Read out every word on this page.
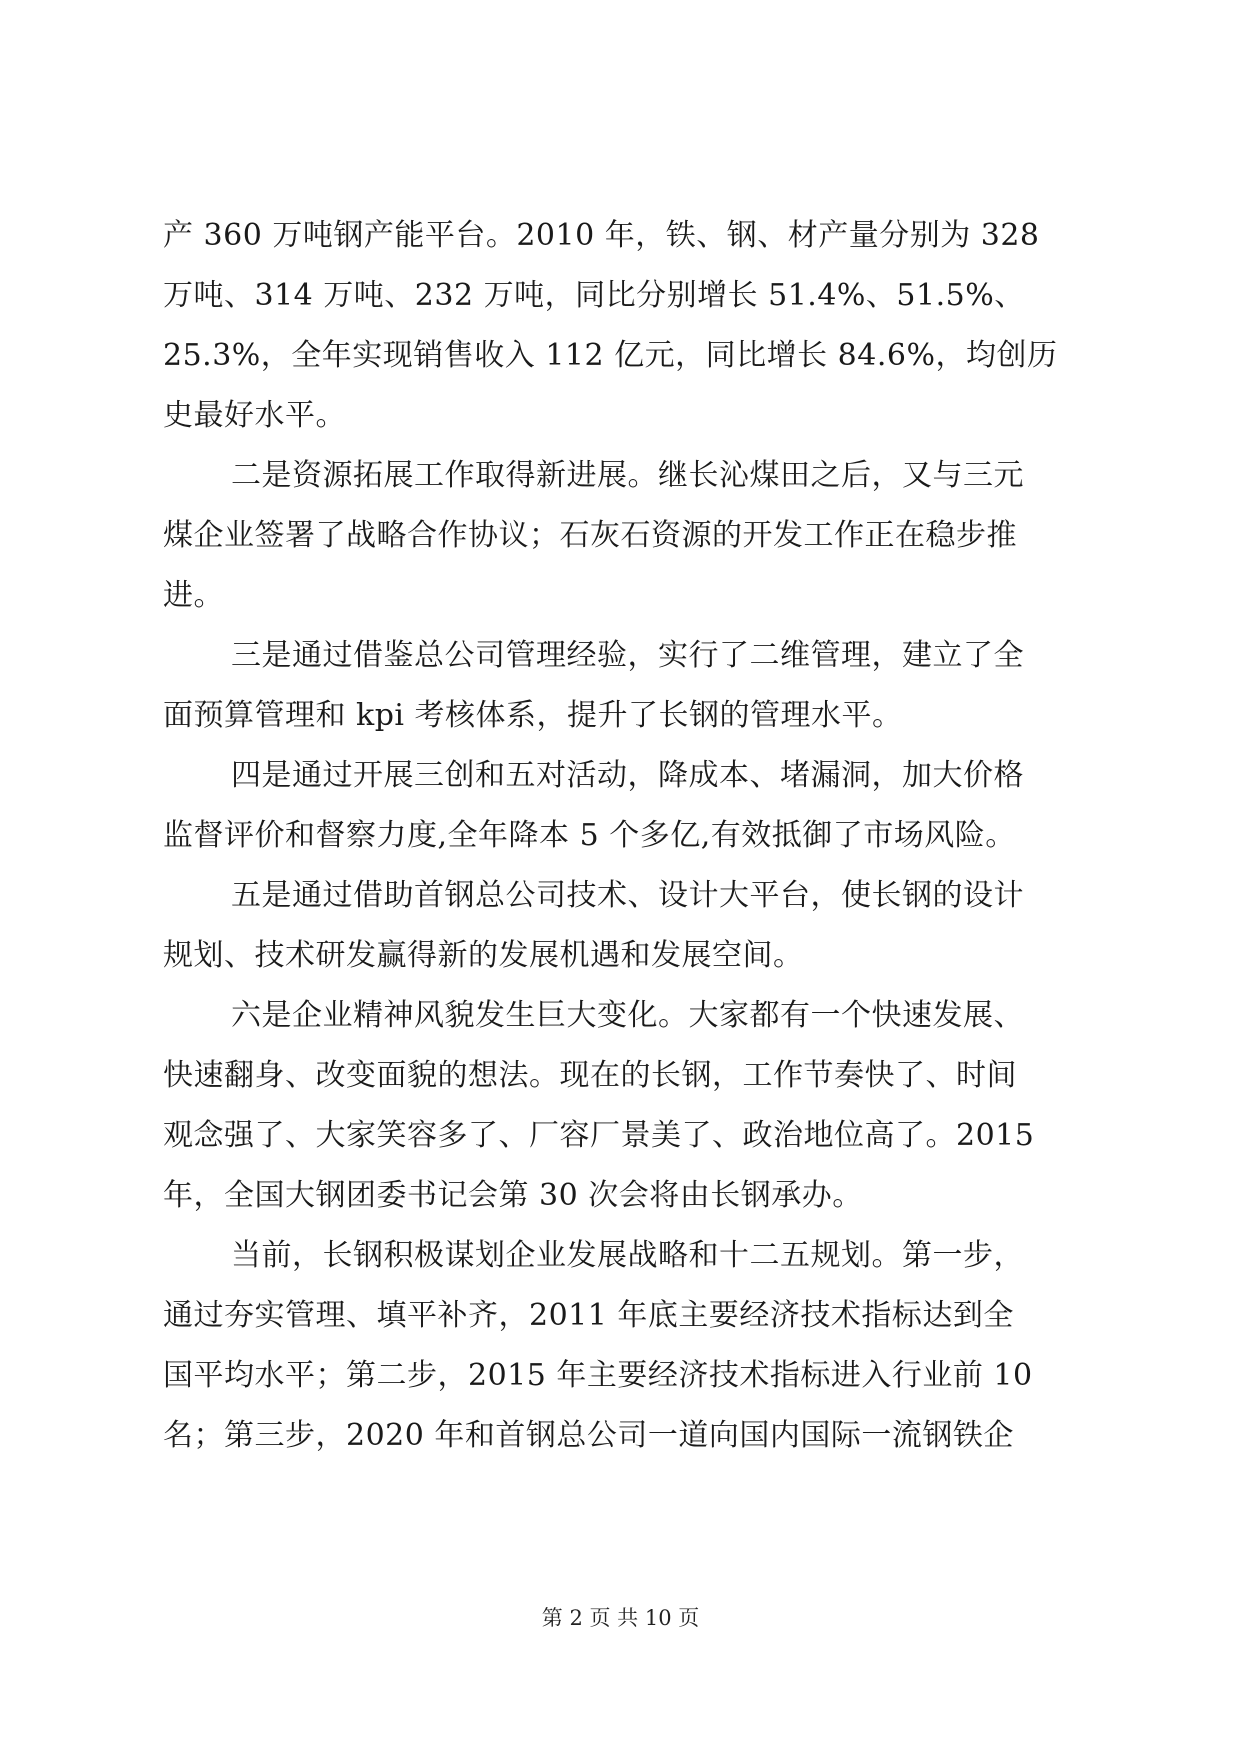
产 360 万吨钢产能平台。2010 年，铁、钢、材产量分别为 328
万吨、314 万吨、232 万吨，同比分别增长 51.4%、51.5%、
25.3%，全年实现销售收入 112 亿元，同比增长 84.6%，均创历
史最好水平。
二是资源拓展工作取得新进展。继长沁煤田之后，又与三元
煤企业签署了战略合作协议；石灰石资源的开发工作正在稳步推
进。
三是通过借鉴总公司管理经验，实行了二维管理，建立了全
面预算管理和 kpi 考核体系，提升了长钢的管理水平。
四是通过开展三创和五对活动，降成本、堵漏洞，加大价格
监督评价和督察力度,全年降本 5 个多亿,有效抵御了市场风险。
五是通过借助首钢总公司技术、设计大平台，使长钢的设计
规划、技术研发赢得新的发展机遇和发展空间。
六是企业精神风貌发生巨大变化。大家都有一个快速发展、
快速翻身、改变面貌的想法。现在的长钢，工作节奏快了、时间
观念强了、大家笑容多了、厂容厂景美了、政治地位高了。2015
年，全国大钢团委书记会第 30 次会将由长钢承办。
当前，长钢积极谋划企业发展战略和十二五规划。第一步，
通过夯实管理、填平补齐，2011 年底主要经济技术指标达到全
国平均水平；第二步，2015 年主要经济技术指标进入行业前 10
名；第三步，2020 年和首钢总公司一道向国内国际一流钢铁企
第 2 页 共 10 页
